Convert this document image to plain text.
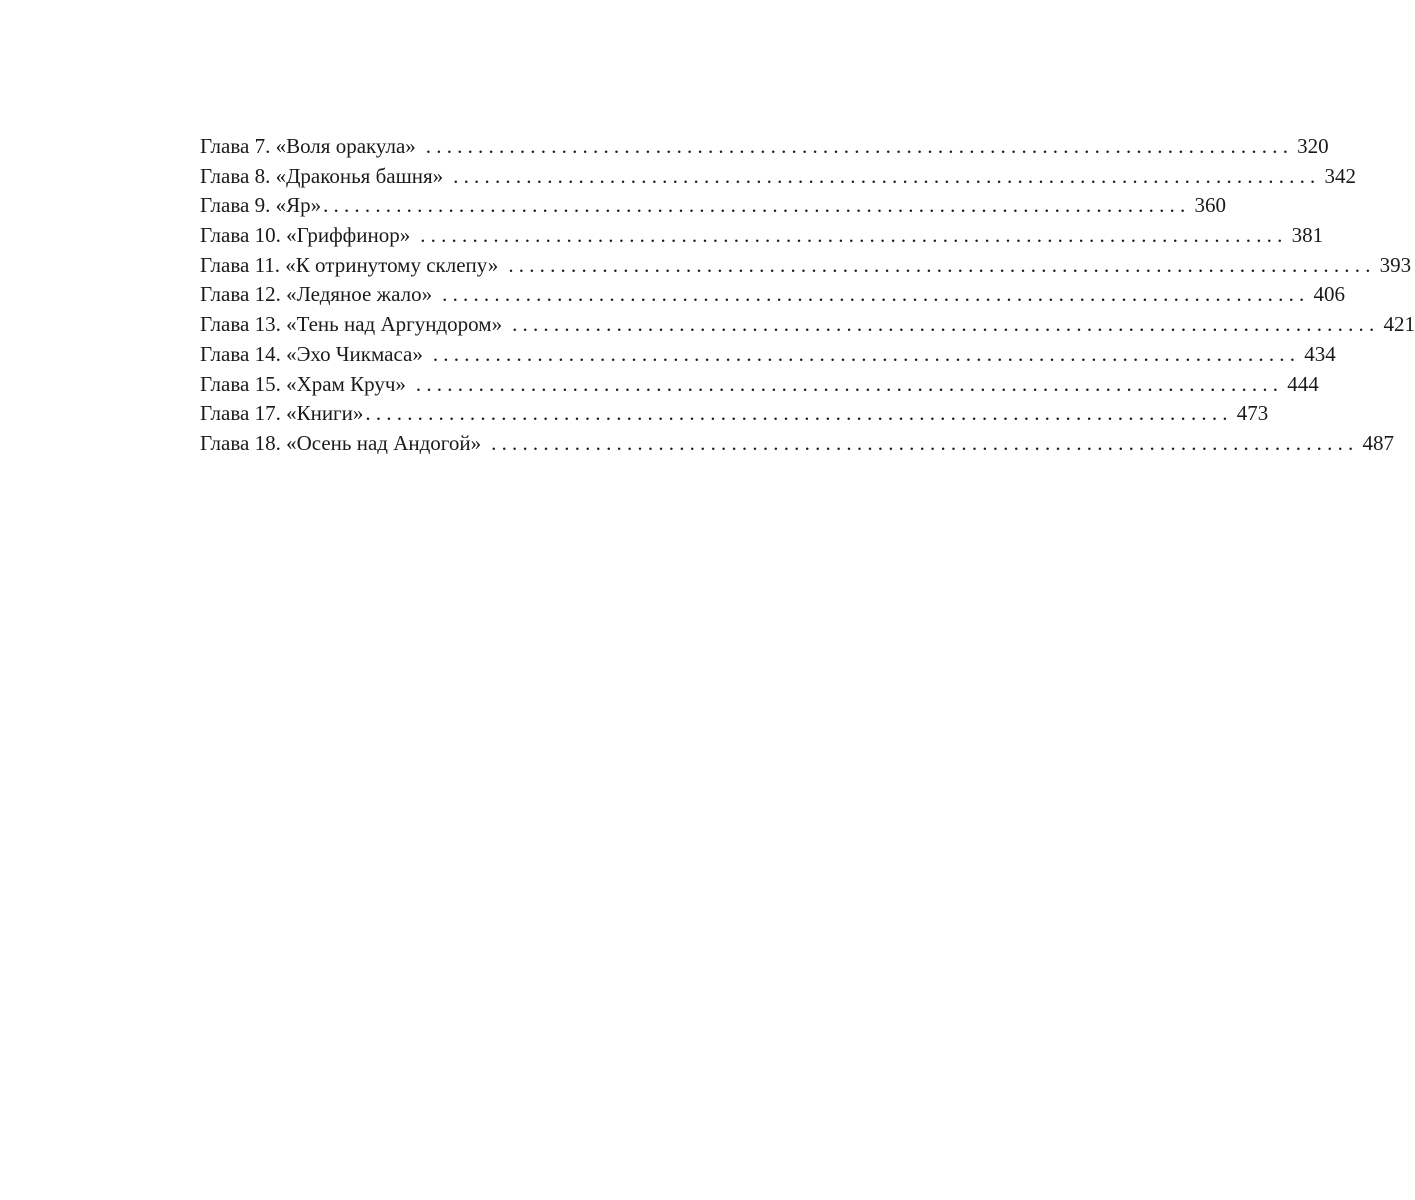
Глава 7. «Воля оракула» ................................................................................... 320
Глава 8. «Драконья башня» ................................................................................... 342
Глава 9. «Яр» ................................................................................... 360
Глава 10. «Гриффинор» ................................................................................... 381
Глава 11. «К отринутому склепу» ................................................................................... 393
Глава 12. «Ледяное жало» ................................................................................... 406
Глава 13. «Тень над Аргундором» ................................................................................... 421
Глава 14. «Эхо Чикмаса» ................................................................................... 434
Глава 15. «Храм Круч» ................................................................................... 444
Глава 17. «Книги» ................................................................................... 473
Глава 18. «Осень над Андогой» ................................................................................... 487
